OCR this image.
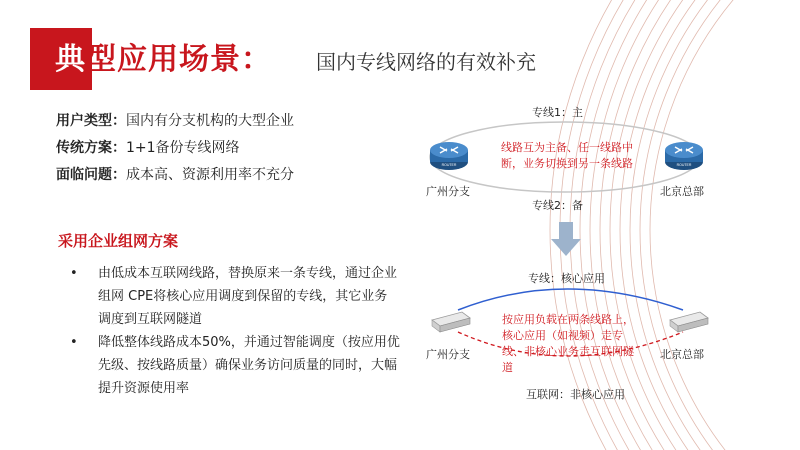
典型应用场景： 国内专线网络的有效补充
用户类型：国内有分支机构的大型企业
传统方案：1+1备份专线网络
面临问题：成本高、资源利用率不充分
采用企业组网方案
• 由低成本互联网线路，替换原来一条专线，通过企业组网 CPE将核心应用调度到保留的专线，其它业务调度到互联网隧道
• 降低整体线路成本50%，并通过智能调度（按应用优先级、按线路质量）确保业务访问质量的同时，大幅提升资源使用率
ROUTER	ROUTER
专线1：主
线路互为主备、任一线路中断，业务切换到另一条线路
广州分支	北京总部
专线2：备
专线：核心应用
按应用负载在两条线路上，核心应用（如视频）走专线、非核心业务走互联网隧道
广州分支	北京总部
互联网：非核心应用
